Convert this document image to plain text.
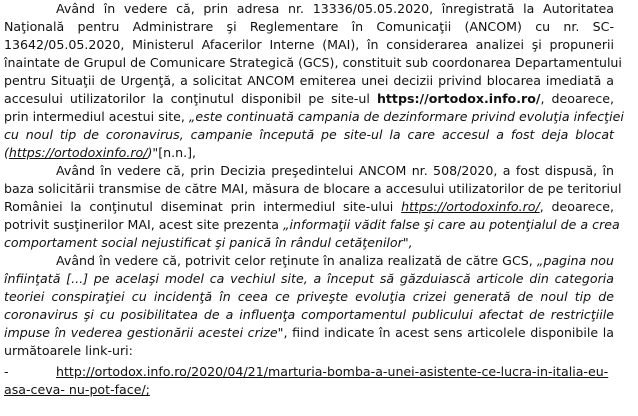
Având în vedere că, prin adresa nr. 13336/05.05.2020, înregistrată la Autoritatea
Naţională pentru Administrare şi Reglementare în Comunicaţii (ANCOM) cu nr. SC-
13642/05.05.2020, Ministerul Afacerilor Interne (MAI), în considerarea analizei şi propunerii
înaintate de Grupul de Comunicare Strategică (GCS), constituit sub coordonarea Departamentului
pentru Situaţii de Urgenţă, a solicitat ANCOM emiterea unei decizii privind blocarea imediată a
accesului utilizatorilor la conţinutul disponibil pe site-ul https://ortodox.info.ro/, deoarece,
prin intermediul acestui site, „este continuată campania de dezinformare privind evoluţia infecţiei
cu noul tip de coronavirus, campanie începută pe site-ul la care accesul a fost deja blocat
(https://ortodoxinfo.ro/)"[n.n.],
Având în vedere că, prin Decizia preşedintelui ANCOM nr. 508/2020, a fost dispusă, în
baza solicitării transmise de către MAI, măsura de blocare a accesului utilizatorilor de pe teritoriul
României la conţinutul diseminat prin intermediul site-ului https://ortodoxinfo.ro/, deoarece,
potrivit susţinerilor MAI, acest site prezenta „informaţii vădit false şi care au potenţialul de a crea
comportament social nejustificat şi panică în rândul cetăţenilor",
Având în vedere că, potrivit celor reţinute în analiza realizată de către GCS, „pagina nou
înfiinţată [...] pe acelaşi model ca vechiul site, a început să găzduiască articole din categoria
teoriei conspiraţiei cu incidenţă în ceea ce priveşte evoluţia crizei generată de noul tip de
coronavirus şi cu posibilitatea de a influenţa comportamentul publicului afectat de restricţiile
impuse în vederea gestionării acestei crize", fiind indicate în acest sens articolele disponibile la
următoarele link-uri:
-	http://ortodox.info.ro/2020/04/21/marturia-bomba-a-unei-asistente-ce-lucra-in-italia-eu-
asa-ceva- nu-pot-face/;
